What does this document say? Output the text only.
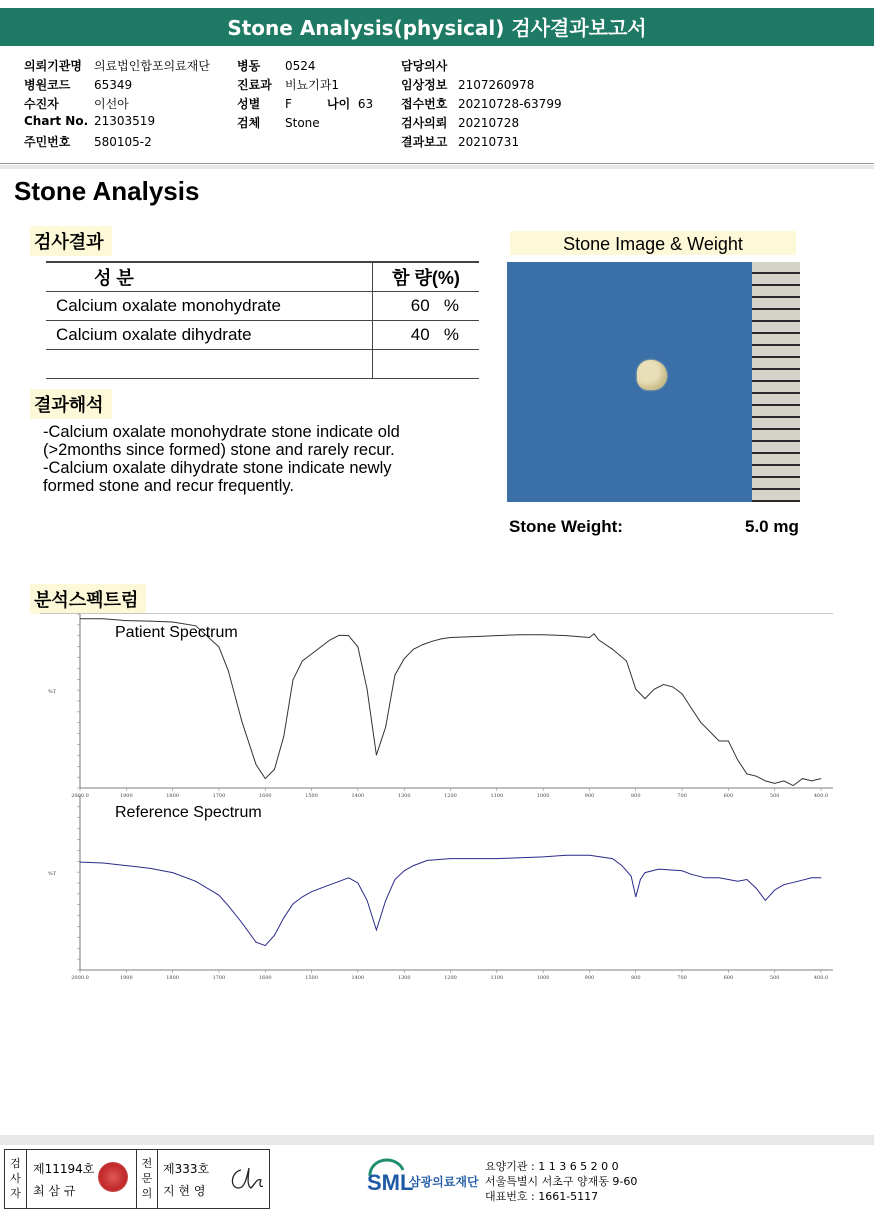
Stone Analysis(physical) 검사결과보고서
의뢰기관명 의료법인합포의료재단
병원코드 65349
수진자	이선아
Chart No. 21303519
주민번호 580105-2
병동 0524
진료과 비뇨기과1
성별 F
검체 Stone
나이 63
담당의사
임상정보 2107260978
접수번호 20210728-63799
검사의뢰 20210728
결과보고 20210731
Stone Analysis
검사결과
성 분	함 량(%)
Calcium oxalate monohydrate	60 %
Calcium oxalate dihydrate	40 %

결과해석
-Calcium oxalate monohydrate stone indicate old
(>2months since formed) stone and rarely recur.
-Calcium oxalate dihydrate stone indicate newly
formed stone and recur frequently.
Stone Image & Weight
Stone Weight:	5.0 mg
분석스펙트럼
%T
2000.0	1900	1800	1700	1600	1500	1400	1300	1200	1100	1000	900	800	700	600	500	400.0
%T
2000.0	1900	1800	1700	1600	1500	1400	1300	1200	1100	1000	900	800	700	600	500	400.0
Patient Spectrum
Reference Spectrum
검사자
제11194호
최 삼 규
전문의
제333호
지 현 영	SML
삼광의료재단
요양기관 : 1 1 3 6 5 2 0 0
서울특별시 서초구 양재동 9-60
대표번호 : 1661-5117
